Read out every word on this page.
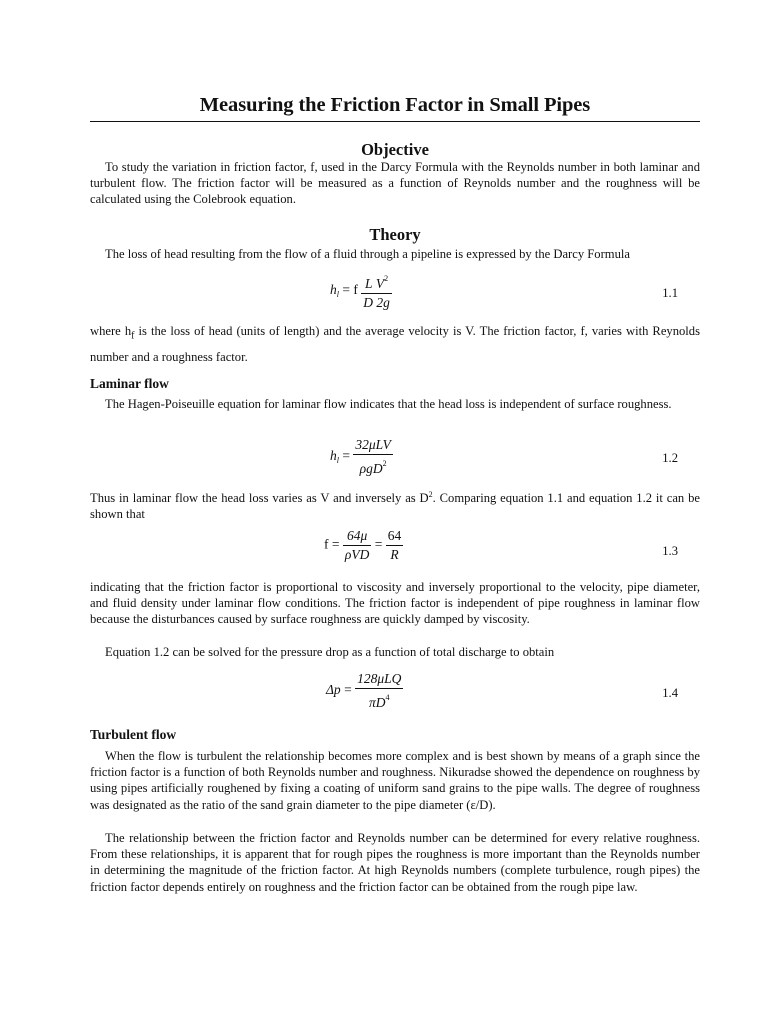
Measuring the Friction Factor in Small Pipes
Objective
To study the variation in friction factor, f, used in the Darcy Formula with the Reynolds number in both laminar and turbulent flow. The friction factor will be measured as a function of Reynolds number and the roughness will be calculated using the Colebrook equation.
Theory
The loss of head resulting from the flow of a fluid through a pipeline is expressed by the Darcy Formula
$h_l = f \frac{L V^2}{D 2g}$	1.1
where $h_f$ is the loss of head (units of length) and the average velocity is V. The friction factor, f, varies with Reynolds number and a roughness factor.
Laminar flow
The Hagen-Poiseuille equation for laminar flow indicates that the head loss is independent of surface roughness.
$h_l = \frac{\text{32μLV}}{\rho gD^2}$	1.2
Thus in laminar flow the head loss varies as V and inversely as $D^2$. Comparing equation 1.1 and equation 1.2 it can be shown that
$f = \frac{64\mu}{\text{ρVD}} = \frac{64}{R}$	1.3
indicating that the friction factor is proportional to viscosity and inversely proportional to the velocity, pipe diameter, and fluid density under laminar flow conditions. The friction factor is independent of pipe roughness in laminar flow because the disturbances caused by surface roughness are quickly damped by viscosity.
Equation 1.2 can be solved for the pressure drop as a function of total discharge to obtain
$\Delta p = \frac{\text{128μLQ}}{\pi D^4}$	1.4
Turbulent flow
When the flow is turbulent the relationship becomes more complex and is best shown by means of a graph since the friction factor is a function of both Reynolds number and roughness. Nikuradse showed the dependence on roughness by using pipes artificially roughened by fixing a coating of uniform sand grains to the pipe walls. The degree of roughness was designated as the ratio of the sand grain diameter to the pipe diameter (ε/D).
The relationship between the friction factor and Reynolds number can be determined for every relative roughness. From these relationships, it is apparent that for rough pipes the roughness is more important than the Reynolds number in determining the magnitude of the friction factor. At high Reynolds numbers (complete turbulence, rough pipes) the friction factor depends entirely on roughness and the friction factor can be obtained from the rough pipe law.
